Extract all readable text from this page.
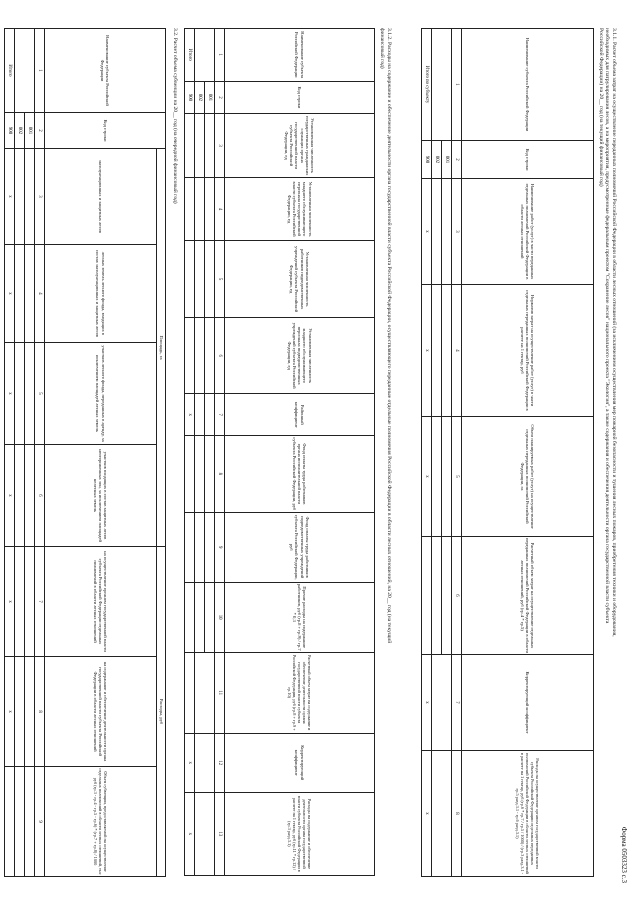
Форма 0503323 с.3
3.1.1. Расчет объема затрат на осуществление переданных полномочий Российской Федерации в области лесных отношений (за исключением осуществления мер пожарной безопасности и тушения лесных пожаров, приобретения техники и оборудования,
необходимых для патрулирования лесов, а на мероприятия, предусмотренные федеральным проектом "Сохранение лесов" национального проекта "Экология", а также содержания и обеспечения деятельности органа государственной власти субъекта
Российской Федерации) на 20__ год (на текущий финансовый год)
Наименование субъекта Российской Федерации	Код строки	Наименование работ (услуг) в части переданных отдельных полномочий Российской Федерации в области лесных отношений	Норматив затрат на осуществление работ (услуг) в части отдельных переданных полномочий Российской Федерации в расчете на 1 гектар, руб	Объем планируемых работ (услуг) на осуществление отдельных переданных полномочий Российской Федерации, га	Расчетный объем затрат на осуществление отдельных переданных полномочий Российской Федерации в области лесных отношений, руб (гр.4 * гр.5)	Корректирующий коэффициент	Расходы на осуществление органом государственной власти субъекта Российской Федерации отдельных переданных полномочий Российской Федерации в области лесных отношений в расчете на 1 гектар, руб (гр.6 * гр.7 / гр.5 / 1000) / (гр.3 разд.3.1 - гр.5 разд.3.1 - гр.6 разд.3.1)
1	2	3	4	5	6	7	8
	001						
	002						
Итого по субъекту	900	x	x	x		x	x
3.1.2. Расходы на содержание и обеспечение деятельности органа государственной власти субъекта Российской Федерации, осуществляющего переданные отдельные полномочия Российской Федерации в области лесных отношений, на 20__ год (на текущий
финансовый год)
Наименование субъекта Российской Федерации	Код строки	Установленная численность государственных гражданских служащих органа государственной власти субъекта Российской Федерации, ед	Установленная численность младшего обслуживающего персонала государственной власти субъекта Российской Федерации, ед	Установленная численность работников подведомственных учреждений субъекта Российской Федерации, ед	Установленная численность младшего обслуживающего персонала подведомственных учреждений субъекта Российской Федерации, ед	Районный коэффициент	Фонд оплаты труда работников органа исполнительной власти субъекта Российской Федерации, руб	Фонд оплаты труда работников подведомственных учреждений субъекта Российской Федерации, руб	Прочие расходы на содержание работников, руб (гр.8 + гр.9) / гр.7 * 0,3	Расчетный объем затрат на содержание и обеспечение деятельности органа государственной власти субъекта Российской Федерации, руб (гр.8 + гр.9 + гр.10)	Корректирующий коэффициент	Расходы на содержание и обеспечение деятельности органа государственной власти субъекта Российской Федерации в расчете на 1 гектар, руб (гр.11 * гр.12) / (гр.3 разд.3.1)
1	2	3	4	5	6	7	8	9	10	11	12	13
	001											
	002											
Итого	900					x					x	x
3.2. Расчет объема субвенции на 20__ год (на очередной финансовый год)
Наименование субъекта Российской Федерации	Код строки	Площадь, га				Расходы, руб		
		эксплуатационных и защитных лесов	лесных земель лесного фонда, входящих в состав эксплуатационных и защитных лесов	участков лесного фонда, переданных в аренду, за исключением площадей лесных земель	участков входящих в состав защитных лесов неогороженных зон, за исключением площадей нелесных земель	на осуществление органом государственной власти субъекта Российской Федерации отдельных полномочий в области лесных отношений	на содержание и обеспечение деятельности органа государственной власти субъекта Российской Федерации в области лесных отношений	Объем субвенции, предоставляемой на осуществление отдельных полномочий в области лесных отношений, тыс руб (гр.3 - гр.4 - гр.5 - гр.6) * (гр.7 + гр.8) / 1000
1	2	3	4	5	6	7	8	9
	001							
	002							
Итого	900	x	x	x	x	x	x	
